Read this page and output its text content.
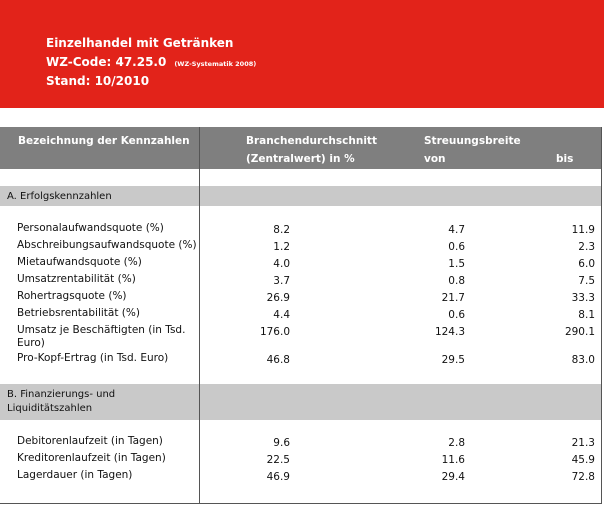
Einzelhandel mit Getränken
WZ-Code: 47.25.0 (WZ-Systematik 2008)
Stand: 10/2010
Bezeichnung der Kennzahlen	Branchendurchschnitt
(Zentralwert) in %
Streuungsbreite
von	bis
A. Erfolgskennzahlen
Personalaufwandsquote (%)	8.2	4.7	11.9
Abschreibungsaufwandsquote (%)	1.2	0.6	2.3
Mietaufwandsquote (%)	4.0	1.5	6.0
Umsatzrentabilität (%)	3.7	0.8	7.5
Rohertragsquote (%)	26.9	21.7	33.3
Betriebsrentabilität (%)	4.4	0.6	8.1
Umsatz je Beschäftigten (in Tsd. Euro)
176.0	124.3	290.1
Pro-Kopf-Ertrag (in Tsd. Euro)	46.8	29.5	83.0
B. Finanzierungs- und Liquiditätszahlen
Debitorenlaufzeit (in Tagen)	9.6	2.8	21.3
Kreditorenlaufzeit (in Tagen)	22.5	11.6	45.9
Lagerdauer (in Tagen)	46.9	29.4	72.8
